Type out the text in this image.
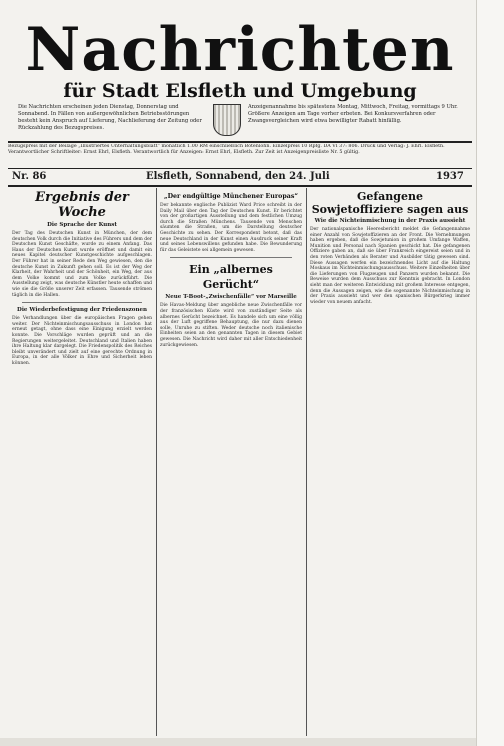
Nachrichten
für Stadt Elsfleth und Umgebung
Die Nachrichten erscheinen jeden Dienstag, Donnerstag und Sonnabend. In Fällen von außergewöhnlichen Betriebsstörungen besteht kein Anspruch auf Lieferung, Nachlieferung der Zeitung oder Rückzahlung des Bezugspreises.
Anzeigenannahme bis spätestens Montag, Mittwoch, Freitag, vormittags 9 Uhr. Größere Anzeigen am Tage vorher erbeten. Bei Konkursverfahren oder Zwangsvergleichen wird etwa bewilligter Rabatt hinfällig.
Bezugspreis mit der Beilage „Illustriertes Unterhaltungsblatt“ monatlich 1.00 RM einschließlich Botenlohn. Einzelpreis 10 Rpfg. DA VI 37: 806. Druck und Verlag: J. Ehrl. Elsfleth. Verantwortlicher Schriftleiter: Ernst Ehrl, Elsfleth. Verantwortlich für Anzeigen: Ernst Ehrl, Elsfleth. Zur Zeit ist Anzeigenpreisliste Nr. 5 gültig.
Nr. 86	Elsfleth, Sonnabend, den 24. Juli	1937
Ergebnis der Woche
Die Sprache der Kunst

Der Tag des Deutschen Kunst in München, der dem deutschen Volk durch die Initiative des Führers und dem der Deutschen Kunst Geschäfte, wurde zu einem Anfang. Das Haus der Deutschen Kunst wurde eröffnet und damit ein neues Kapitel deutscher Kunstgeschichte aufgeschlagen. Der Führer hat in seiner Rede den Weg gewiesen, den die deutsche Kunst in Zukunft gehen soll. Es ist der Weg der Klarheit, der Wahrheit und der Schönheit, ein Weg, der aus dem Volke kommt und zum Volke zurückführt. Die Ausstellung zeigt, was deutsche Künstler heute schaffen und wie sie die Größe unserer Zeit erfassen. Tausende strömen täglich in die Hallen.

Die Wiederbefestigung der Friedenszonen

Die Verhandlungen über die europäischen Fragen gehen weiter. Der Nichteinmischungsausschuss in London hat erneut getagt, ohne dass eine Einigung erzielt werden konnte. Die Vorschläge wurden geprüft und an die Regierungen weitergeleitet. Deutschland und Italien haben ihre Haltung klar dargelegt. Die Friedenspolitik des Reiches bleibt unverändert und zielt auf eine gerechte Ordnung in Europa, in der alle Völker in Ehre und Sicherheit leben können.

„Der endgültige Münchener Europas“

Der bekannte englische Publizist Ward Price schreibt in der Daily Mail über den Tag der Deutschen Kunst. Er berichtet von der großartigen Ausstellung und dem festlichen Umzug durch die Straßen Münchens. Tausende von Menschen säumten die Straßen, um die Darstellung deutscher Geschichte zu sehen. Der Korrespondent betont, daß das neue Deutschland in der Kunst einen Ausdruck seiner Kraft und seines Lebenswillens gefunden habe. Die Bewunderung für das Geleistete sei allgemein gewesen.

Ein „albernes Gerücht“
Neue T-Boot-„Zwischenfälle“ vor Marseille

Die Havas-Meldung über angebliche neue Zwischenfälle vor der französischen Küste wird von zuständiger Seite als albernes Gerücht bezeichnet. Es handele sich um eine völlig aus der Luft gegriffene Behauptung, die nur dazu dienen solle, Unruhe zu stiften. Weder deutsche noch italienische Einheiten seien an den genannten Tagen in diesem Gebiet gewesen. Die Nachricht wird daher mit aller Entschiedenheit zurückgewiesen.

Gefangene Sowjetoffiziere sagen aus
Wie die Nichteinmischung in der Praxis aussieht

Der nationalspanische Heeresbericht meldet die Gefangennahme einer Anzahl von Sowjetoffizieren an der Front. Die Vernehmungen haben ergeben, daß die Sowjetunion in großem Umfange Waffen, Munition und Personal nach Spanien geschickt hat. Die gefangenen Offiziere gaben an, daß sie über Frankreich eingereist seien und in den roten Verbänden als Berater und Ausbilder tätig gewesen sind. Diese Aussagen werfen ein bezeichnendes Licht auf die Haltung Moskaus im Nichteinmischungsausschuss. Weitere Einzelheiten über die Lieferungen von Flugzeugen und Panzern wurden bekannt. Die Beweise wurden dem Ausschuss zur Kenntnis gebracht. In London sieht man der weiteren Entwicklung mit großem Interesse entgegen, denn die Aussagen zeigen, wie die sogenannte Nichteinmischung in der Praxis aussieht und wer den spanischen Bürgerkrieg immer wieder von neuem anfacht.
